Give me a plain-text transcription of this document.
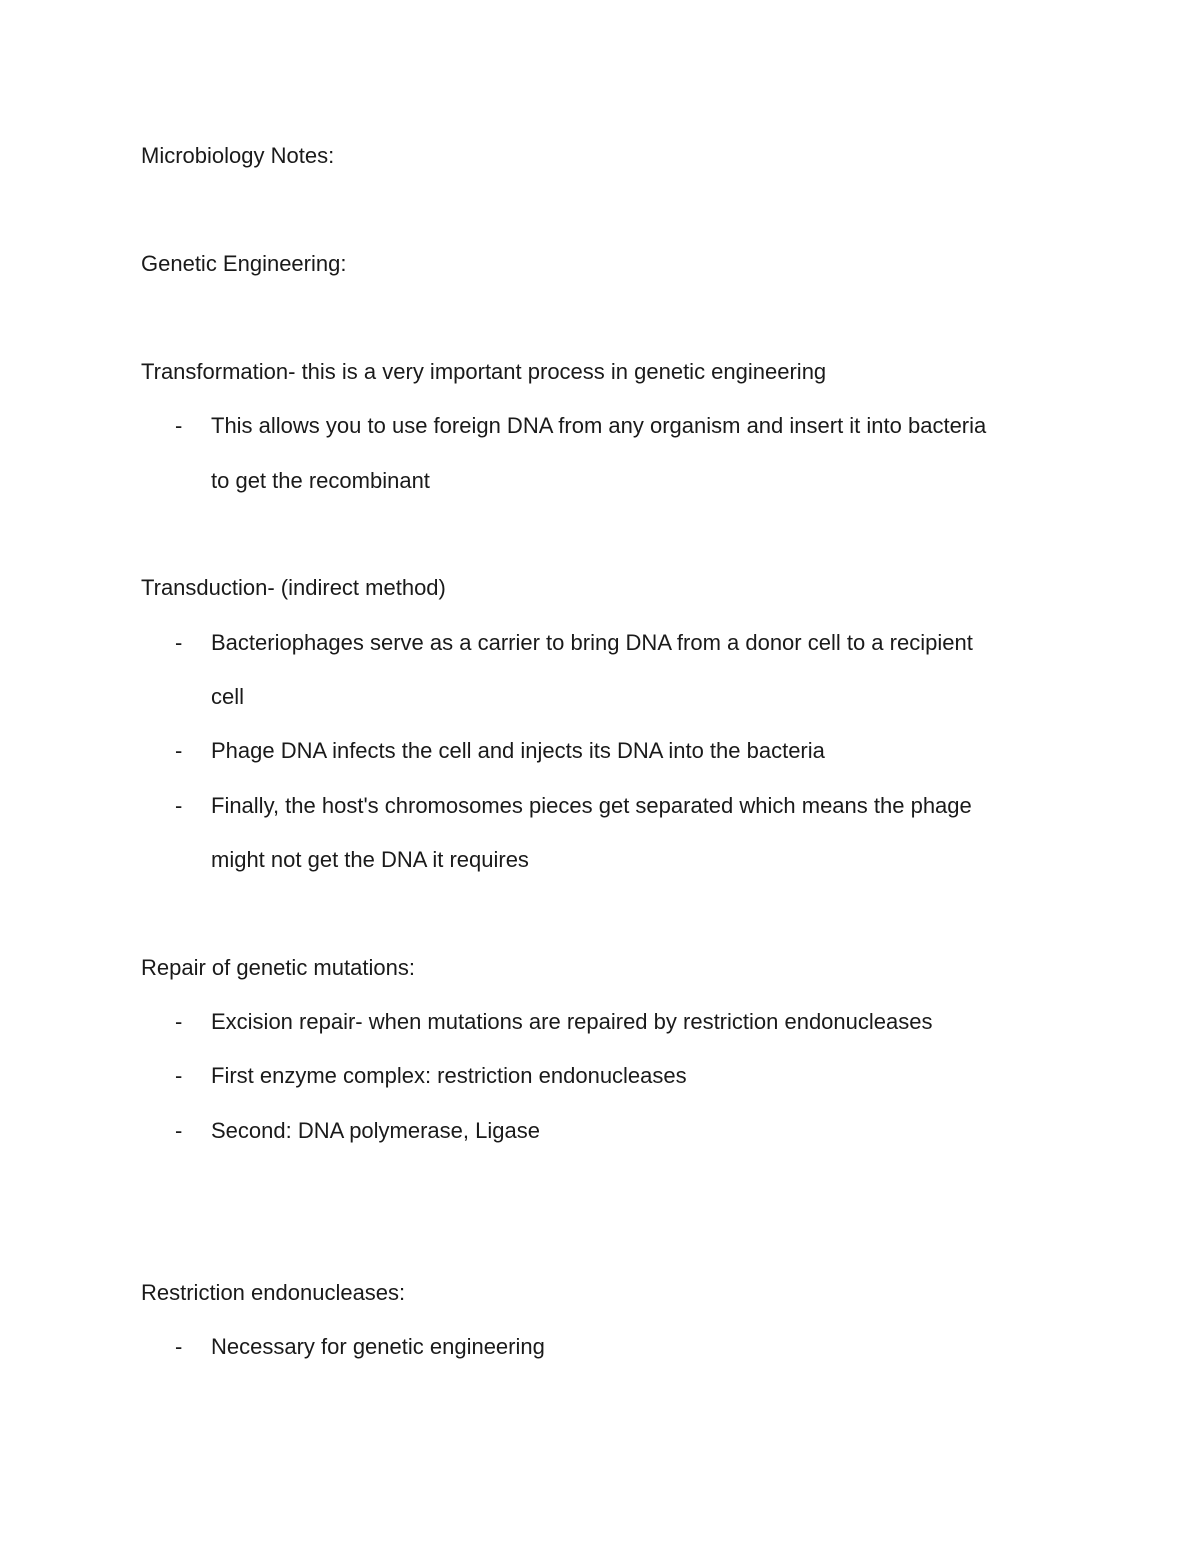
Microbiology Notes:

Genetic Engineering:

Transformation- this is a very important process in genetic engineering

- This allows you to use foreign DNA from any organism and insert it into bacteria

to get the recombinant

Transduction- (indirect method)

- Bacteriophages serve as a carrier to bring DNA from a donor cell to a recipient

cell

- Phage DNA infects the cell and injects its DNA into the bacteria

- Finally, the host's chromosomes pieces get separated which means the phage

might not get the DNA it requires

Repair of genetic mutations:

- Excision repair- when mutations are repaired by restriction endonucleases

- First enzyme complex: restriction endonucleases

- Second: DNA polymerase, Ligase

Restriction endonucleases:

- Necessary for genetic engineering
